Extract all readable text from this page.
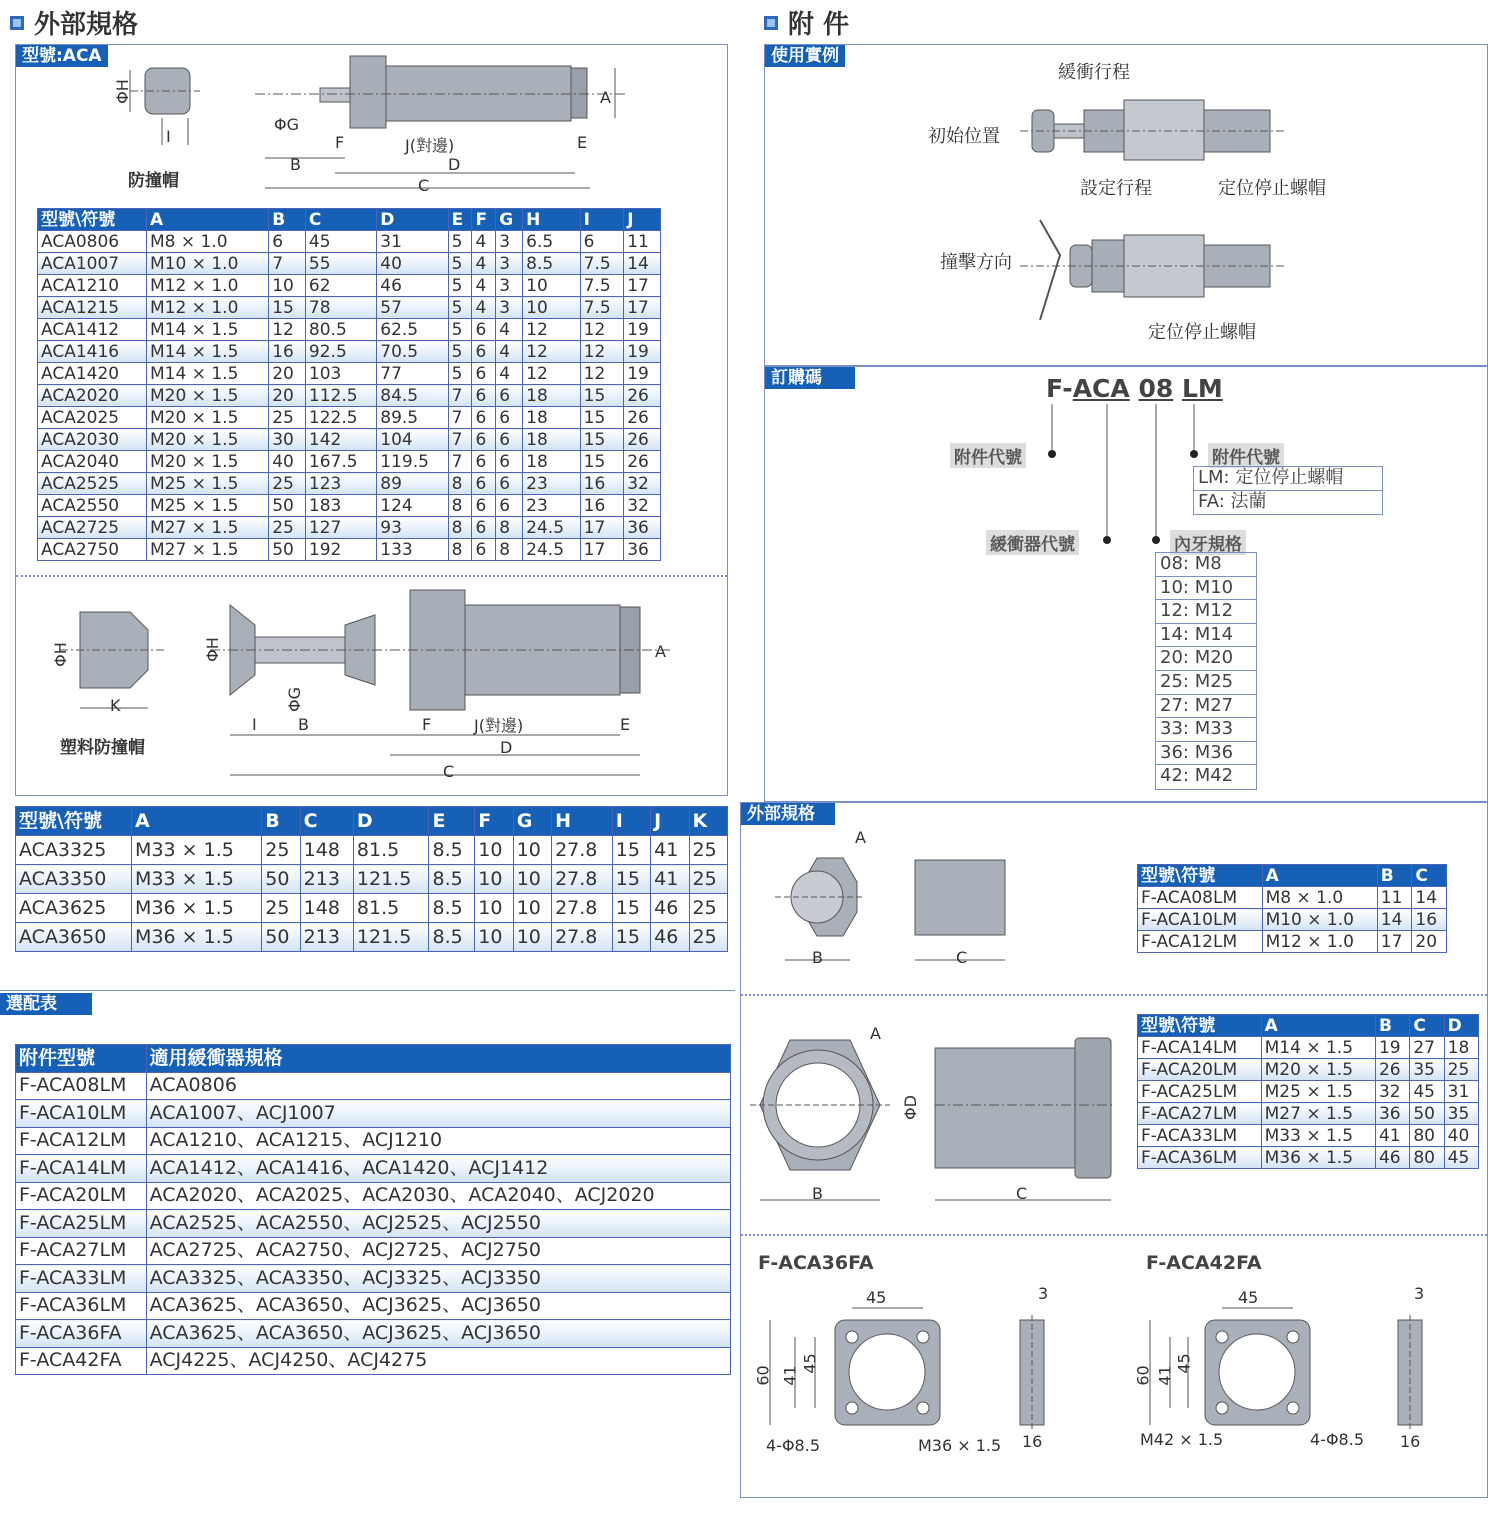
外部規格	附 件
型號:ACA
ΦH
I
防撞帽
B
F	J(對邊)
D
E
C
A
ΦG
型號\符號	A	B	C	D	E	F	G	H	I	J
ACA0806	M8 × 1.0	6	45	31	5	4	3	6.5	6	11
ACA1007	M10 × 1.0	7	55	40	5	4	3	8.5	7.5	14
ACA1210	M12 × 1.0	10	62	46	5	4	3	10	7.5	17
ACA1215	M12 × 1.0	15	78	57	5	4	3	10	7.5	17
ACA1412	M14 × 1.5	12	80.5	62.5	5	6	4	12	12	19
ACA1416	M14 × 1.5	16	92.5	70.5	5	6	4	12	12	19
ACA1420	M14 × 1.5	20	103	77	5	6	4	12	12	19
ACA2020	M20 × 1.5	20	112.5	84.5	7	6	6	18	15	26
ACA2025	M20 × 1.5	25	122.5	89.5	7	6	6	18	15	26
ACA2030	M20 × 1.5	30	142	104	7	6	6	18	15	26
ACA2040	M20 × 1.5	40	167.5	119.5	7	6	6	18	15	26
ACA2525	M25 × 1.5	25	123	89	8	6	6	23	16	32
ACA2550	M25 × 1.5	50	183	124	8	6	6	23	16	32
ACA2725	M27 × 1.5	25	127	93	8	6	8	24.5	17	36
ACA2750	M27 × 1.5	50	192	133	8	6	8	24.5	17	36
ΦH
K
塑料防撞帽
I	B	F	J(對邊)
D
E
C
A
ΦH
ΦG
型號\符號	A	B	C	D	E	F	G	H	I	J	K
ACA3325	M33 × 1.5	25	148	81.5	8.5	10	10	27.8	15	41	25
ACA3350	M33 × 1.5	50	213	121.5	8.5	10	10	27.8	15	41	25
ACA3625	M36 × 1.5	25	148	81.5	8.5	10	10	27.8	15	46	25
ACA3650	M36 × 1.5	50	213	121.5	8.5	10	10	27.8	15	46	25
選配表
附件型號	適用緩衝器規格
F-ACA08LM	ACA0806
F-ACA10LM	ACA1007、ACJ1007
F-ACA12LM	ACA1210、ACA1215、ACJ1210
F-ACA14LM	ACA1412、ACA1416、ACA1420、ACJ1412
F-ACA20LM	ACA2020、ACA2025、ACA2030、ACA2040、ACJ2020
F-ACA25LM	ACA2525、ACA2550、ACJ2525、ACJ2550
F-ACA27LM	ACA2725、ACA2750、ACJ2725、ACJ2750
F-ACA33LM	ACA3325、ACA3350、ACJ3325、ACJ3350
F-ACA36LM	ACA3625、ACA3650、ACJ3625、ACJ3650
F-ACA36FA	ACA3625、ACA3650、ACJ3625、ACJ3650
F-ACA42FA	ACJ4225、ACJ4250、ACJ4275
使用實例
緩衝行程
初始位置
設定行程	定位停止螺帽
撞擊方向
定位停止螺帽
訂購碼	F-ACA 08 LM
附件代號	附件代號
緩衝器代號	內牙規格
LM: 定位停止螺帽
FA: 法蘭
08: M8
10: M10
12: M12
14: M14
20: M20
25: M25
27: M27
33: M33
36: M36
42: M42
外部規格
A
B	C
型號\符號	A	B	C
F-ACA08LM	M8 × 1.0	11	14
F-ACA10LM	M10 × 1.0	14	16
F-ACA12LM	M12 × 1.0	17	20
A
B	C
ΦD
型號\符號	A	B	C	D
F-ACA14LM	M14 × 1.5	19	27	18
F-ACA20LM	M20 × 1.5	26	35	25
F-ACA25LM	M25 × 1.5	32	45	31
F-ACA27LM	M27 × 1.5	36	50	35
F-ACA33LM	M33 × 1.5	41	80	40
F-ACA36LM	M36 × 1.5	46	80	45
F-ACA36FA	F-ACA42FA
45
60 41
45
4-Φ8.5	M36 × 1.5
3
16
45
60 41
45
M42 × 1.5	4-Φ8.5
3
16
